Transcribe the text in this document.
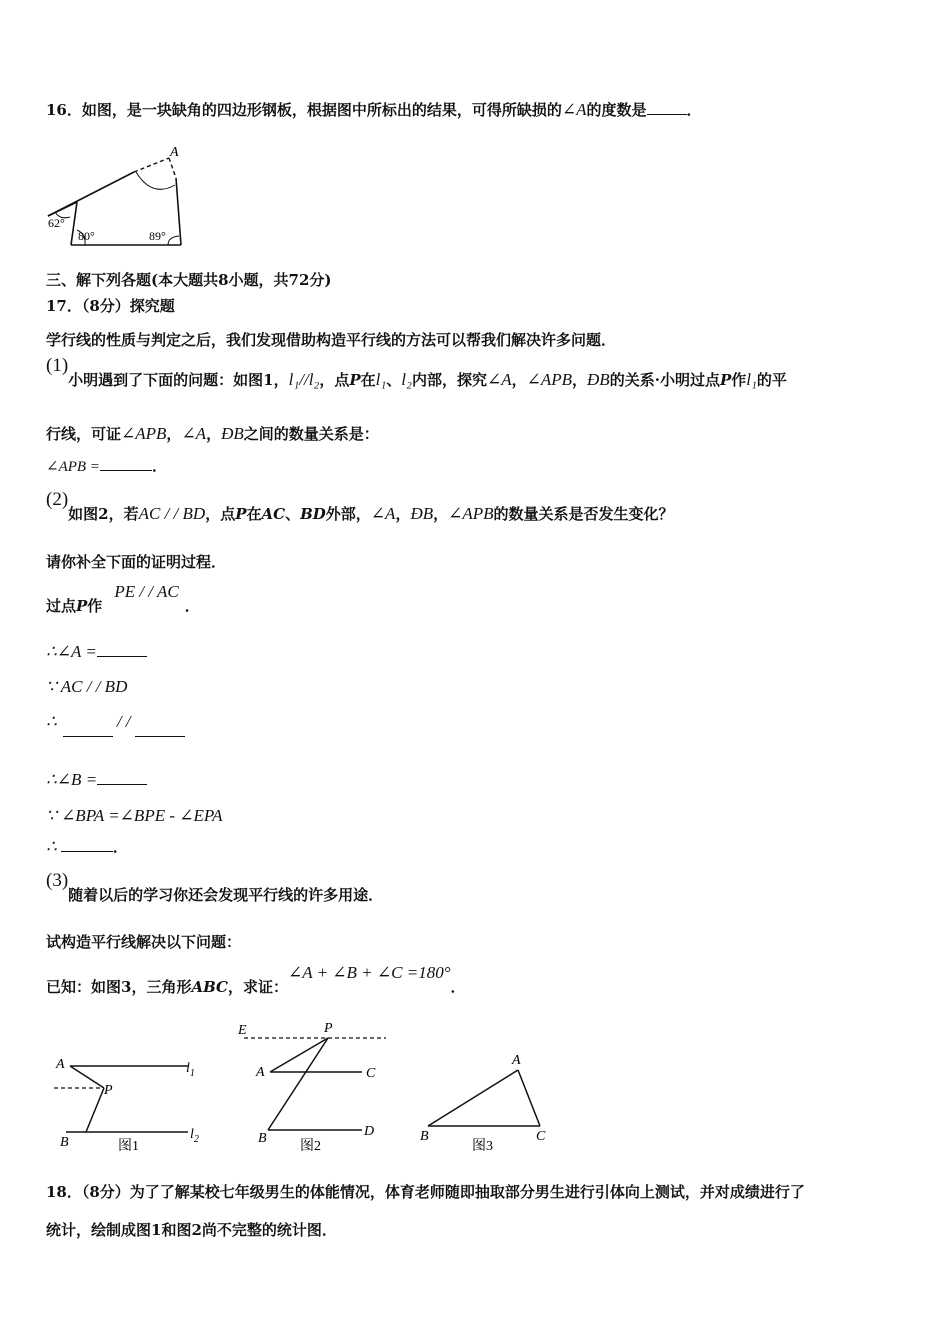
16．如图，是一块缺角的四边形钢板，根据图中所标出的结果，可得所缺损的∠A的度数是	．
A
62°
80°	89°
三、解下列各题(本大题共8小题，共72分)
17．（8分）探究题
学行线的性质与判定之后，我们发现借助构造平行线的方法可以帮我们解决许多问题．
(1)小明遇到了下面的问题：如图1，l₁//l₂，点P在l₁、l₂内部，探究∠A，∠APB，ÐB的关系·小明过点P作l₁的平
行线，可证∠APB，∠A，ÐB之间的数量关系是：
∠APB =	．
(2)如图2，若AC / / BD，点P在AC、BD外部，∠A，ÐB，∠APB的数量关系是否发生变化？
请你补全下面的证明过程．
过点P作PE / / AC．
∴∠A =
∵ AC / / BD
∴	/ /
∴∠B =
∵ ∠BPA =∠BPE - ∠EPA
∴	．
(3)随着以后的学习你还会发现平行线的许多用途．
试构造平行线解决以下问题：
已知：如图3，三角形ABC，求证：∠A + ∠B + ∠C =180°．
A
P
B
$l_1$
$l_2$
图1
E	P
A	C
B	D
图2
A
B	C
图3
18．（8分）为了了解某校七年级男生的体能情况，体育老师随即抽取部分男生进行引体向上测试，并对成绩进行了
统计，绘制成图1和图2尚不完整的统计图．
